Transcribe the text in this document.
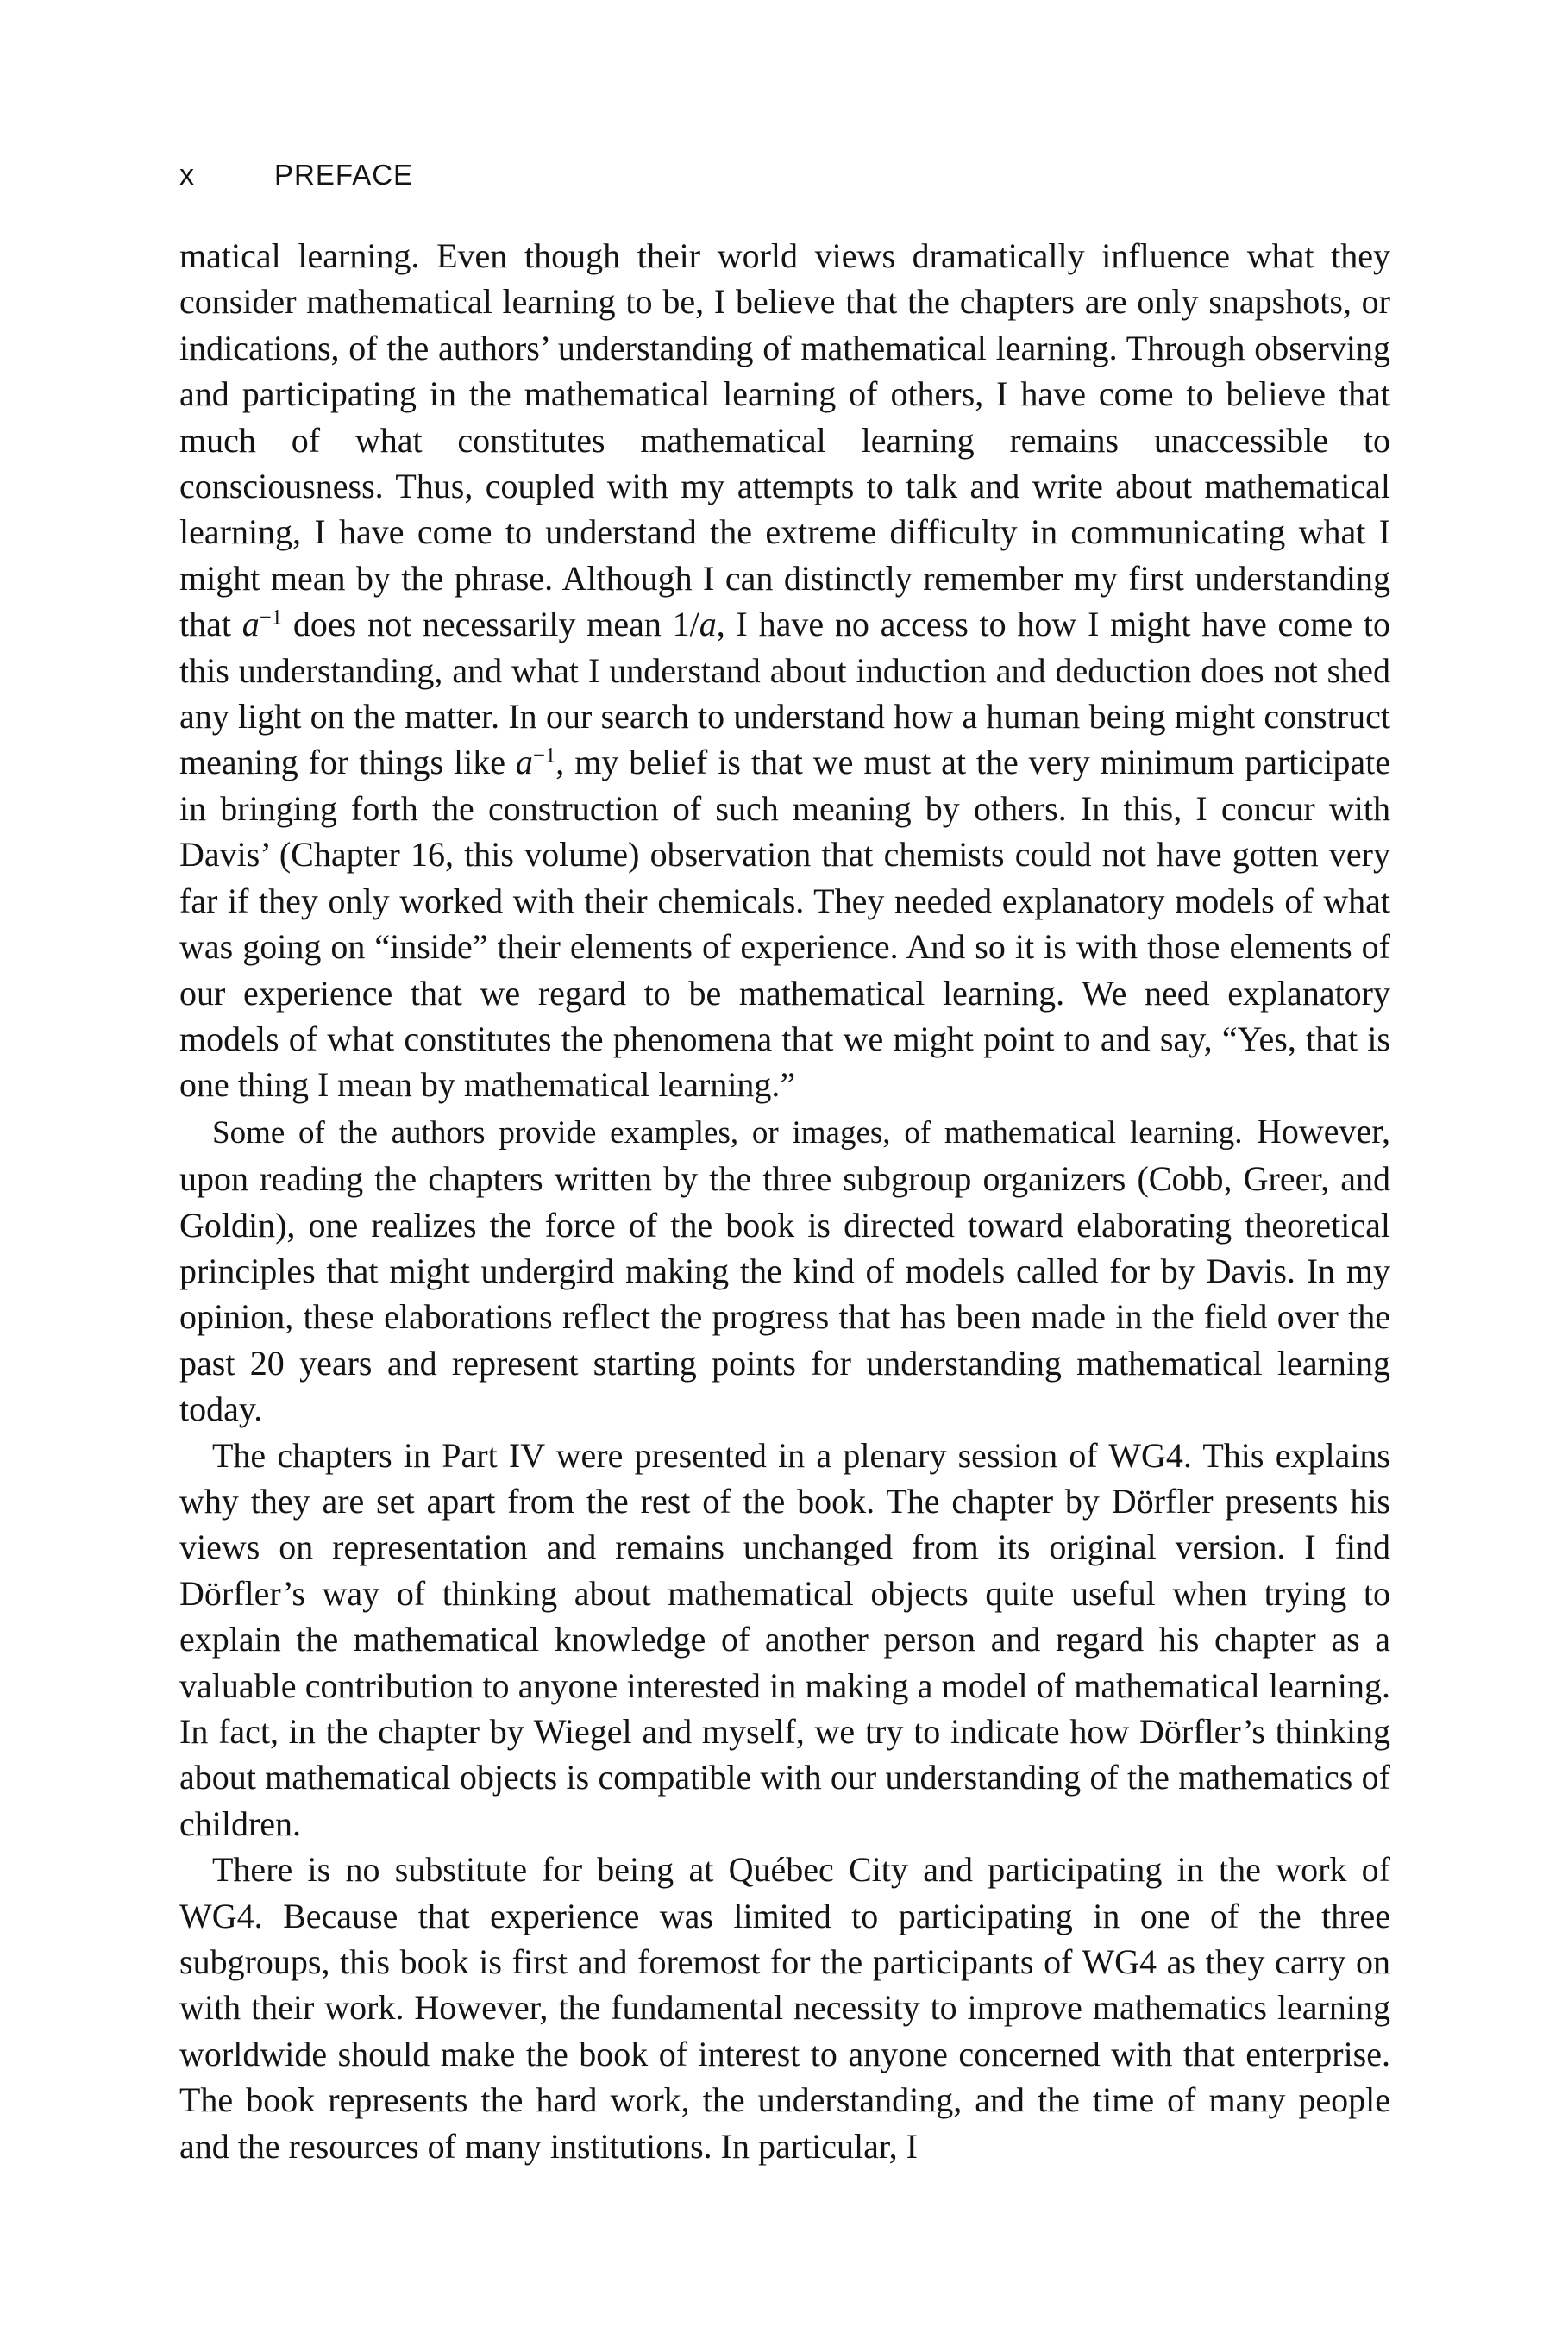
x	PREFACE

matical learning. Even though their world views dramatically influence what they consider mathematical learning to be, I believe that the chapters are only snapshots, or indications, of the authors’ understanding of mathematical learning. Through observing and participating in the mathematical learning of others, I have come to believe that much of what constitutes mathematical learning remains unaccessible to consciousness. Thus, coupled with my attempts to talk and write about mathematical learning, I have come to understand the extreme difficulty in communicating what I might mean by the phrase. Although I can distinctly remember my first understanding that $a^{-1}$ does not necessarily mean 1/a, I have no access to how I might have come to this understanding, and what I understand about induction and deduction does not shed any light on the matter. In our search to understand how a human being might construct meaning for things like $a^{-1}$, my belief is that we must at the very minimum participate in bringing forth the construction of such meaning by others. In this, I concur with Davis’ (Chapter 16, this volume) observation that chemists could not have gotten very far if they only worked with their chemicals. They needed explanatory models of what was going on “inside” their elements of experience. And so it is with those elements of our experience that we regard to be mathematical learning. We need explanatory models of what constitutes the phenomena that we might point to and say, “Yes, that is one thing I mean by mathematical learning.”

Some of the authors provide examples, or images, of mathematical learning. However, upon reading the chapters written by the three subgroup organizers (Cobb, Greer, and Goldin), one realizes the force of the book is directed toward elaborating theoretical principles that might undergird making the kind of models called for by Davis. In my opinion, these elaborations reflect the progress that has been made in the field over the past 20 years and represent starting points for understanding mathematical learning today.

The chapters in Part IV were presented in a plenary session of WG4. This explains why they are set apart from the rest of the book. The chapter by Dörfler presents his views on representation and remains unchanged from its original version. I find Dörfler’s way of thinking about mathematical objects quite useful when trying to explain the mathematical knowledge of another person and regard his chapter as a valuable contribution to anyone interested in making a model of mathematical learning. In fact, in the chapter by Wiegel and myself, we try to indicate how Dörfler’s thinking about mathematical objects is compatible with our understanding of the mathematics of children.

There is no substitute for being at Québec City and participating in the work of WG4. Because that experience was limited to participating in one of the three subgroups, this book is first and foremost for the participants of WG4 as they carry on with their work. However, the fundamental necessity to improve mathematics learning worldwide should make the book of interest to anyone concerned with that enterprise. The book represents the hard work, the understanding, and the time of many people and the resources of many institutions. In particular, I
